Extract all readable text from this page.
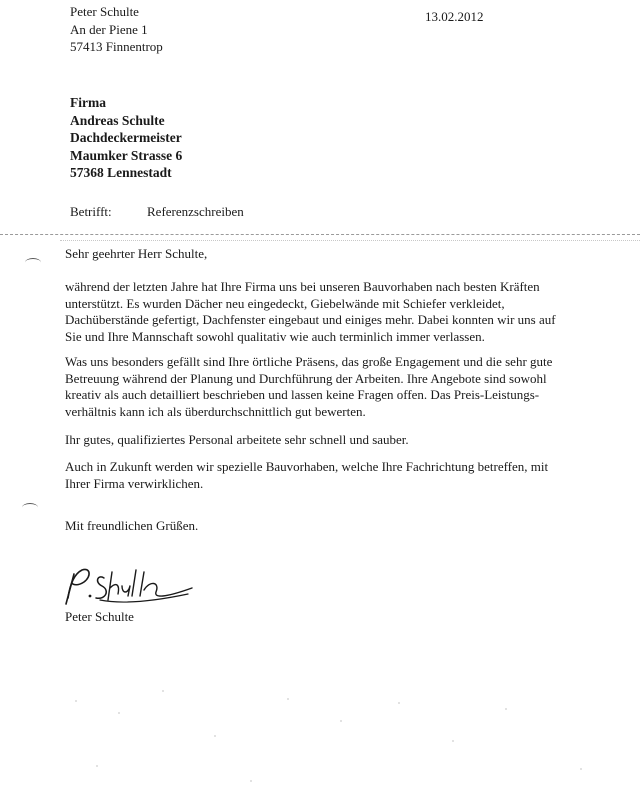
Peter Schulte
An der Piene 1
57413 Finnentrop
13.02.2012
Firma
Andreas Schulte
Dachdeckermeister
Maumker Strasse 6
57368 Lennestadt
Betrifft:	Referenzschreiben
Sehr geehrter Herr Schulte,
während der letzten Jahre hat Ihre Firma uns bei unseren Bauvorhaben nach besten Kräften
unterstützt. Es wurden Dächer neu eingedeckt, Giebelwände mit Schiefer verkleidet,
Dachüberstände gefertigt, Dachfenster eingebaut und einiges mehr. Dabei konnten wir uns auf
Sie und Ihre Mannschaft sowohl qualitativ wie auch terminlich immer verlassen.
Was uns besonders gefällt sind Ihre örtliche Präsens, das große Engagement und die sehr gute
Betreuung während der Planung und Durchführung der Arbeiten. Ihre Angebote sind sowohl
kreativ als auch detailliert beschrieben und lassen keine Fragen offen. Das Preis-Leistungs-
verhältnis kann ich als überdurchschnittlich gut bewerten.
Ihr gutes, qualifiziertes Personal arbeitete sehr schnell und sauber.
Auch in Zukunft werden wir spezielle Bauvorhaben, welche Ihre Fachrichtung betreffen, mit
Ihrer Firma verwirklichen.
Mit freundlichen Grüßen.
Peter Schulte
